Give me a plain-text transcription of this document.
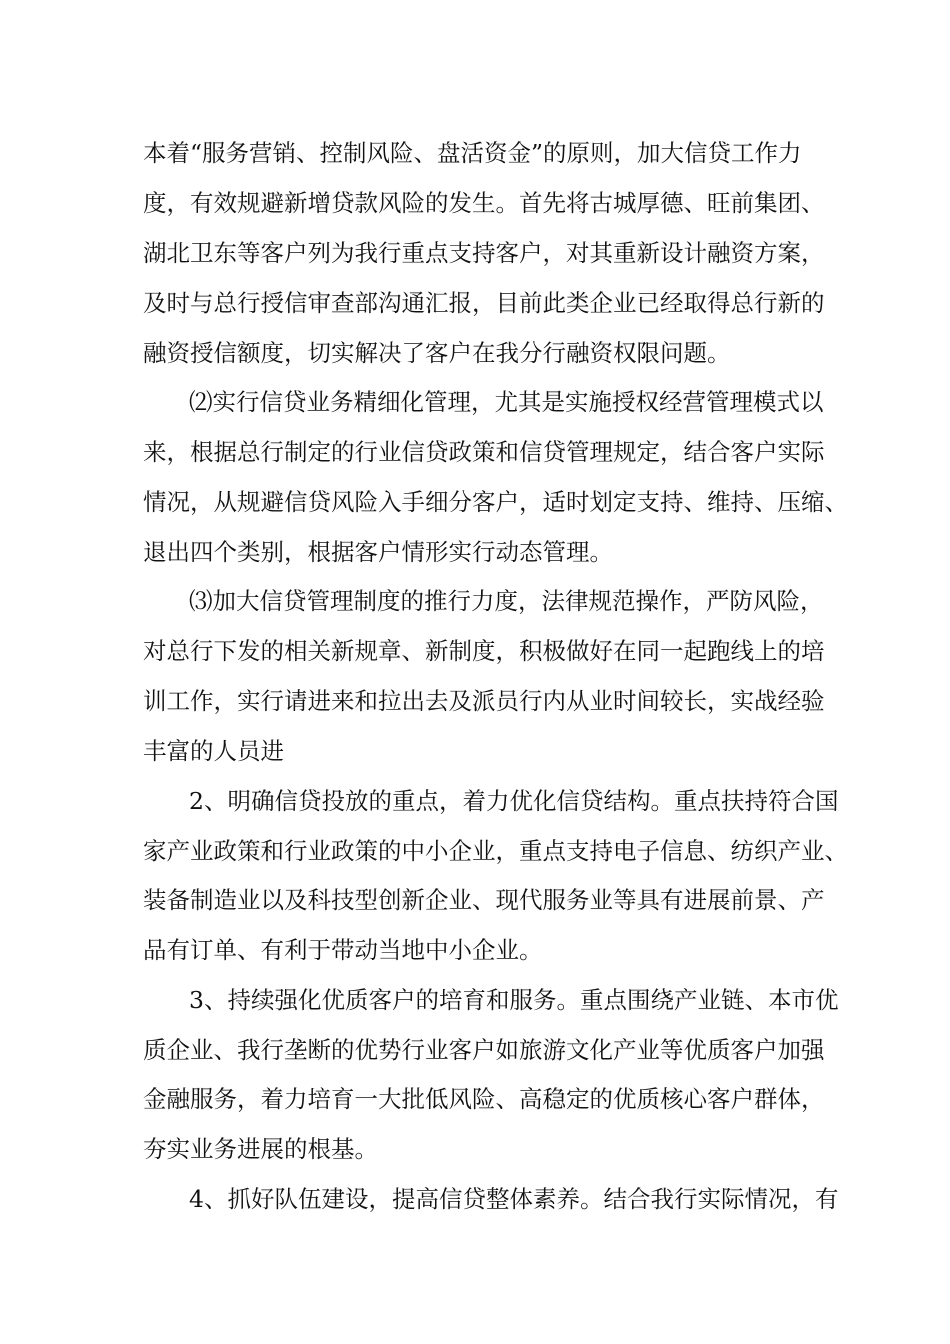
本着“服务营销、控制风险、盘活资金”的原则，加大信贷工作力

度，有效规避新增贷款风险的发生。首先将古城厚德、旺前集团、

湖北卫东等客户列为我行重点支持客户，对其重新设计融资方案，

及时与总行授信审查部沟通汇报，目前此类企业已经取得总行新的

融资授信额度，切实解决了客户在我分行融资权限问题。

⑵实行信贷业务精细化管理，尤其是实施授权经营管理模式以

来，根据总行制定的行业信贷政策和信贷管理规定，结合客户实际

情况，从规避信贷风险入手细分客户，适时划定支持、维持、压缩、

退出四个类别，根据客户情形实行动态管理。

⑶加大信贷管理制度的推行力度，法律规范操作，严防风险，

对总行下发的相关新规章、新制度，积极做好在同一起跑线上的培

训工作，实行请进来和拉出去及派员行内从业时间较长，实战经验

丰富的人员进

2、明确信贷投放的重点，着力优化信贷结构。重点扶持符合国

家产业政策和行业政策的中小企业，重点支持电子信息、纺织产业、

装备制造业以及科技型创新企业、现代服务业等具有进展前景、产

品有订单、有利于带动当地中小企业。

3、持续强化优质客户的培育和服务。重点围绕产业链、本市优

质企业、我行垄断的优势行业客户如旅游文化产业等优质客户加强

金融服务，着力培育一大批低风险、高稳定的优质核心客户群体，

夯实业务进展的根基。

4、抓好队伍建设，提高信贷整体素养。结合我行实际情况，有
